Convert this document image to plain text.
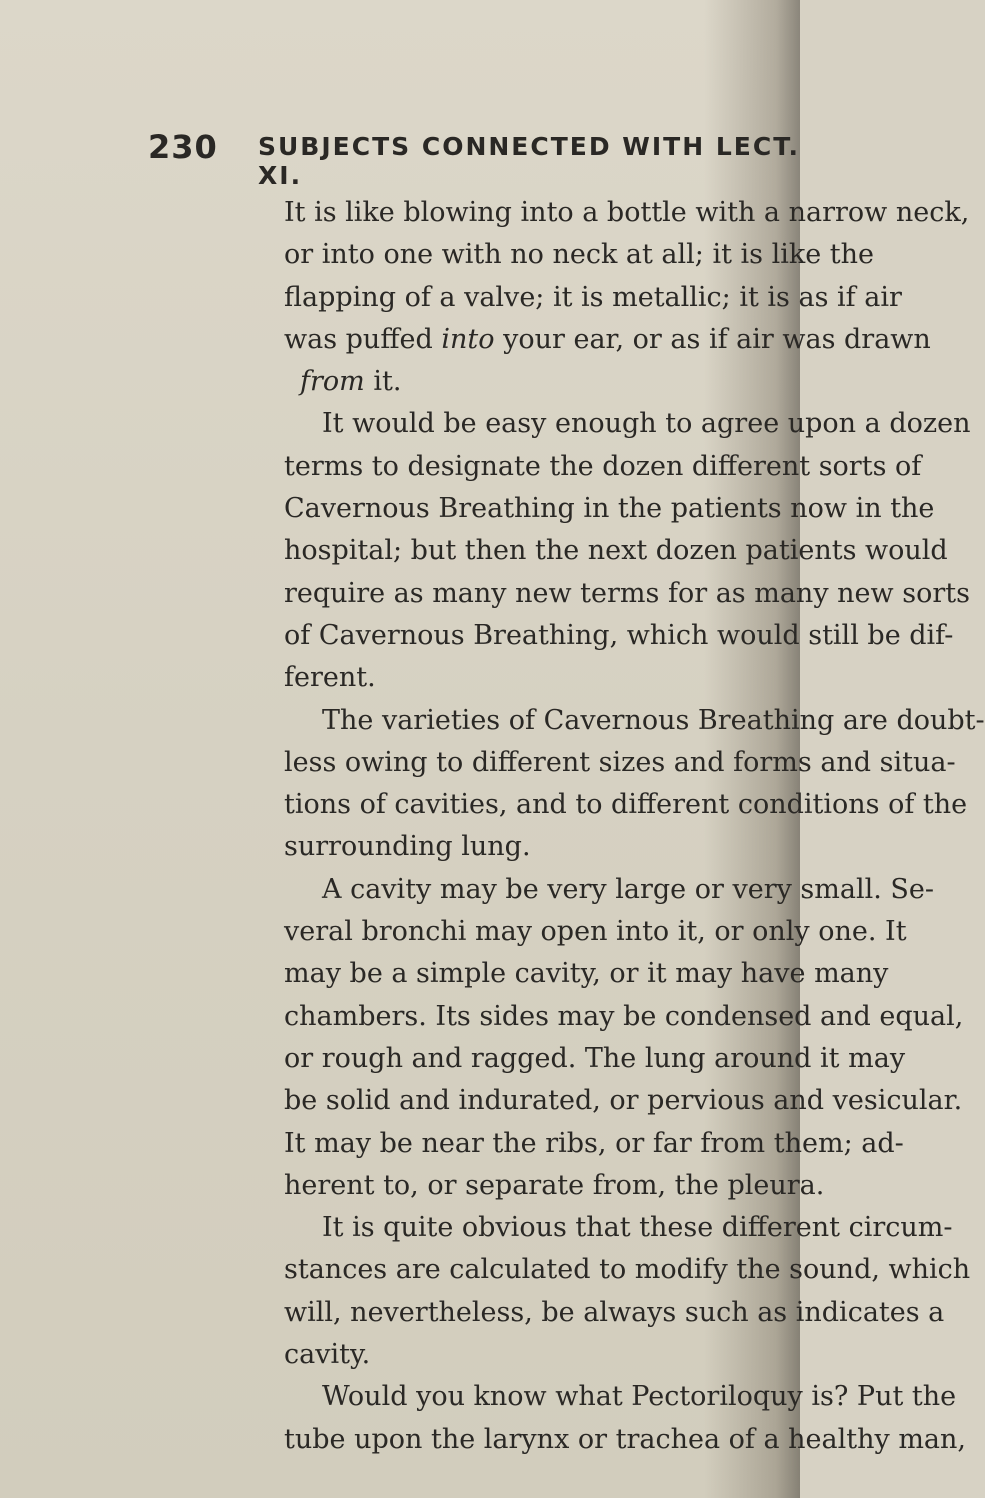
230 SUBJECTS CONNECTED WITH LECT. XI.
It is like blowing into a bottle with a narrow neck,
or into one with no neck at all; it is like the
flapping of a valve; it is metallic; it is as if air
was puffed into your ear, or as if air was drawn
from it.
It would be easy enough to agree upon a dozen
terms to designate the dozen different sorts of
Cavernous Breathing in the patients now in the
hospital; but then the next dozen patients would
require as many new terms for as many new sorts
of Cavernous Breathing, which would still be dif-
ferent.
The varieties of Cavernous Breathing are doubt-
less owing to different sizes and forms and situa-
tions of cavities, and to different conditions of the
surrounding lung.
A cavity may be very large or very small. Se-
veral bronchi may open into it, or only one. It
may be a simple cavity, or it may have many
chambers. Its sides may be condensed and equal,
or rough and ragged. The lung around it may
be solid and indurated, or pervious and vesicular.
It may be near the ribs, or far from them; ad-
herent to, or separate from, the pleura.
It is quite obvious that these different circum-
stances are calculated to modify the sound, which
will, nevertheless, be always such as indicates a
cavity.
Would you know what Pectoriloquy is? Put the
tube upon the larynx or trachea of a healthy man,
